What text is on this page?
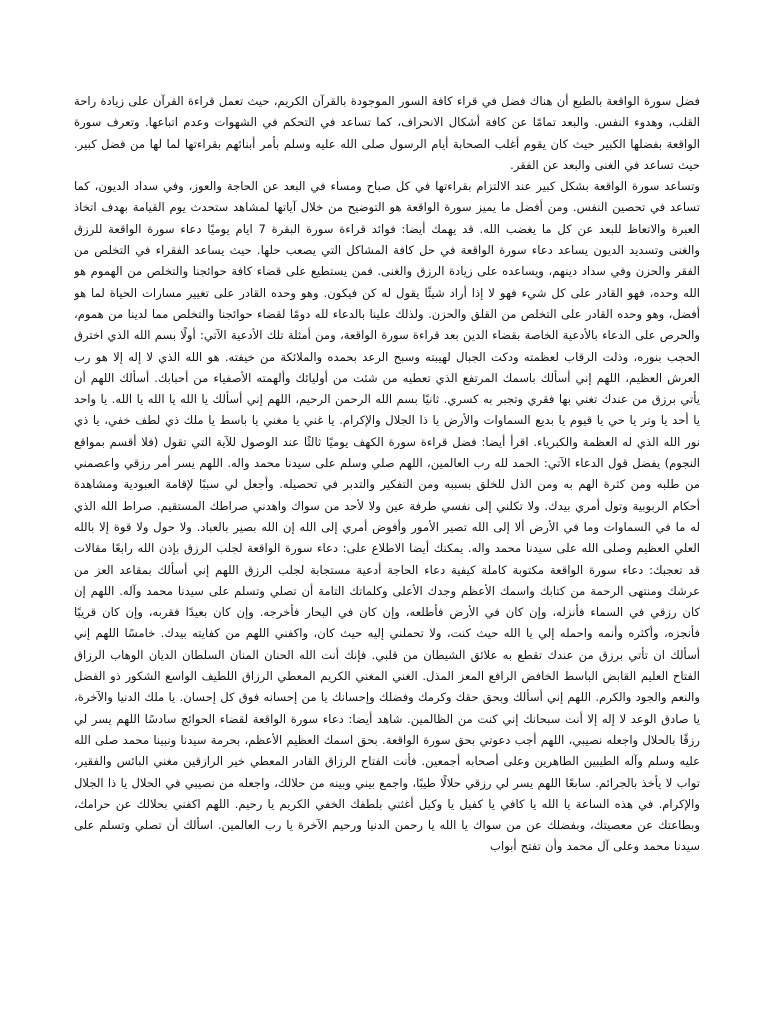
فضل سورة الواقعة بالطبع أن هناك فضل في قراء كافة السور الموجودة بالقرآن الكريم، حيث تعمل قراءة القرآن على زيادة راحة القلب، وهدوء النفس. والبعد تمامًا عن كافة أشكال الانحراف، كما تساعد في التحكم في الشهوات وعدم اتباعها. وتعرف سورة الواقعة بفضلها الكبير حيث كان يقوم أغلب الصحابة أيام الرسول صلى الله عليه وسلم بأمر أبنائهم بقراءتها لما لها من فضل كبير. حيث تساعد في الغنى والبعد عن الفقر.

وتساعد سورة الواقعة بشكل كبير عند الالتزام بقراءتها في كل صباح ومساء في البعد عن الحاجة والعوز، وفي سداد الديون، كما تساعد في تحصين النفس. ومن أفضل ما يميز سورة الواقعة هو التوضيح من خلال آياتها لمشاهد ستحدث يوم القيامة بهدف اتخاذ العبرة والاتعاظ للبعد عن كل ما يغضب الله. قد يهمك أيضا: فوائد قراءة سورة البقرة 7 ايام يوميًا دعاء سورة الواقعة للرزق والغنى وتسديد الديون يساعد دعاء سورة الواقعة في حل كافة المشاكل التي يصعب حلها. حيث يساعد الفقراء في التخلص من الفقر والحزن وفي سداد دينهم، ويساعده على زيادة الرزق والغنى. فمن يستطيع على قضاء كافة حوائجنا والتخلص من الهموم هو الله وحده، فهو القادر على كل شيء فهو لا إذا أراد شيئًا يقول له كن فيكون. وهو وحده القادر على تغيير مسارات الحياة لما هو أفضل، وهو وحده القادر على التخلص من القلق والحزن. ولذلك علينا بالدعاء لله دومًا لقضاء حوائجنا والتخلص مما لدينا من هموم، والحرص على الدعاء بالأدعية الخاصة بقضاء الدين بعد قراءة سورة الواقعة، ومن أمثلة تلك الأدعية الآتي: أولًا بسم الله الذي اخترق الحجب بنوره، وذلت الرقاب لعظمته ودكت الجبال لهيبته وسبح الرعد بحمده والملائكة من خيفته. هو الله الذي لا إله إلا هو رب العرش العظيم، اللهم إني أسألك باسمك المرتفع الذي تعطيه من شئت من أوليائك وألهمته الأصفياء من أحبابك. أسألك اللهم أن يأتي برزق من عندك تغني بها فقري وتجبر به كسري. ثانيًا بسم الله الرحمن الرحيم، اللهم إني أسألك يا الله يا الله يا الله. يا واحد يا أحد يا وتر يا حي يا قيوم يا بديع السماوات والأرض يا ذا الجلال والإكرام. يا غني يا مغني يا باسط يا ملك ذي لطف خفي، يا ذي نور الله الذي له العظمة والكبرياء. اقرأ أيضا: فضل قراءة سورة الكهف يوميًا ثالثًا عند الوصول للآية التي تقول (فلا أقسم بمواقع النجوم) يفضل قول الدعاء الآتي: الحمد لله رب العالمين، اللهم صلي وسلم على سيدنا محمد واله. اللهم يسر أمر رزقي واعصمني من طلبه ومن كثرة الهم به ومن الذل للخلق بسببه ومن التفكير والتدبر في تحصيله. وأجعل لي سببًا لإقامة العبودية ومشاهدة أحكام الربوبية وتول أمري بيدك. ولا تكلني إلى نفسي طرفة عين ولا لأحد من سواك واهدني صراطك المستقيم. صراط الله الذي له ما في السماوات وما في الأرض ألا إلى الله تصير الأمور وأفوض أمري إلى الله إن الله بصير بالعباد. ولا حول ولا قوة إلا بالله العلي العظيم وصلى الله على سيدنا محمد واله. يمكنك أيضا الاطلاع على: دعاء سورة الواقعة لجلب الرزق بإذن الله رابعًا مقالات قد تعجبك: دعاء سورة الواقعة مكتوبة كاملة كيفية دعاء الحاجة أدعية مستجابة لجلب الرزق اللهم إني أسألك بمقاعد العز من عرشك ومنتهى الرحمة من كتابك واسمك الأعظم وجدك الأعلى وكلماتك التامة أن تصلي وتسلم على سيدنا محمد وآله. اللهم إن كان رزقي في السماء فأنزله، وإن كان في الأرض فأطلعه، وإن كان في البحار فأخرجه. وإن كان بعيدًا فقربه، وإن كان قريبًا فأنجزه، وأكثره وأنمه واحمله إلي يا الله حيث كنت، ولا تحملني إليه حيث كان، واكفني اللهم من كفايته بيدك. خامسًا اللهم إني أسألك ان تأتي برزق من عندك تقطع به علائق الشيطان من قلبي. فإنك أنت الله الحنان المنان السلطان الديان الوهاب الرزاق الفتاح العليم القابض الباسط الخافض الرافع المعز المذل. الغني المغني الكريم المعطي الرزاق اللطيف الواسع الشكور ذو الفضل والنعم والجود والكرم. اللهم إني أسألك وبحق حقك وكرمك وفضلك وإحسانك يا من إحسانه فوق كل إحسان. يا ملك الدنيا والآخرة، يا صادق الوعد لا إله إلا أنت سبحانك إني كنت من الظالمين. شاهد أيضا: دعاء سورة الواقعة لقضاء الحوائج سادسًا اللهم يسر لي رزقًا بالحلال واجعله نصيبي، اللهم أجب دعوتي بحق سورة الواقعة. بحق اسمك العظيم الأعظم، بحرمة سيدنا ونبينا محمد صلى الله عليه وسلم وآله الطيبين الطاهرين وعلى أصحابه أجمعين. فأنت الفتاح الرزاق القادر المعطي خير الرازقين مغني البائس والفقير، تواب لا يأخذ بالجرائم. سابعًا اللهم يسر لي رزقي حلالًا طيبًا، واجمع بيني وبينه من حلالك، واجعله من نصيبي في الحلال يا ذا الجلال والإكرام. في هذه الساعة يا الله يا كافي يا كفيل يا وكيل أغثني بلطفك الخفي الكريم يا رحيم. اللهم اكفني بحلالك عن حرامك، وبطاعتك عن معصيتك، وبفضلك عن من سواك يا الله يا رحمن الدنيا ورحيم الآخرة يا رب العالمين. اسألك أن تصلي وتسلم على سيدنا محمد وعلى آل محمد وأن تفتح أبواب
